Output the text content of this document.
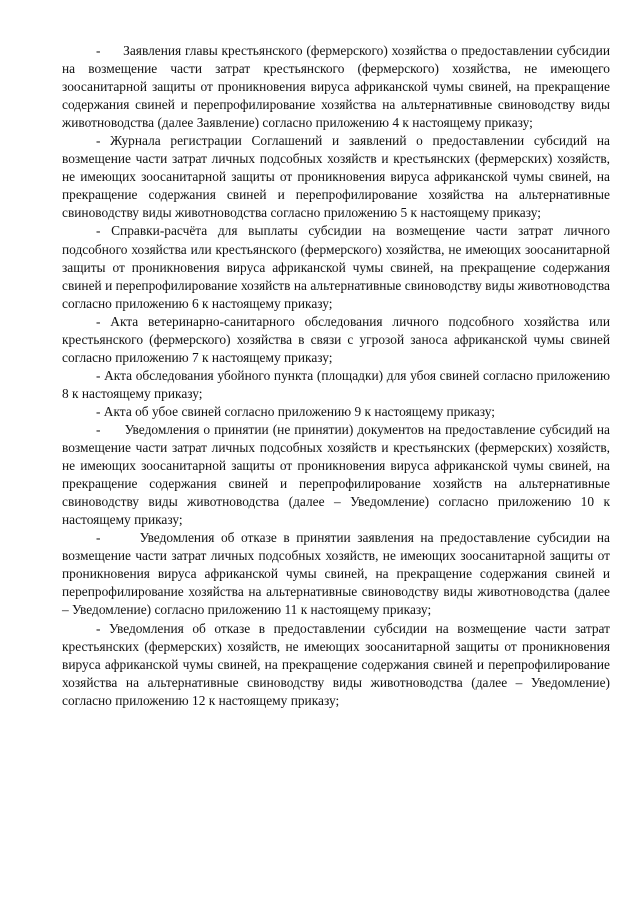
-      Заявления главы крестьянского (фермерского) хозяйства о предоставлении субсидии на возмещение части затрат крестьянского (фермерского) хозяйства, не имеющего зоосанитарной защиты от проникновения вируса африканской чумы свиней, на прекращение содержания свиней и перепрофилирование хозяйства на альтернативные свиноводству виды животноводства (далее Заявление) согласно приложению 4 к настоящему приказу;

- Журнала регистрации Соглашений и заявлений о предоставлении субсидий на возмещение части затрат личных подсобных хозяйств и крестьянских (фермерских) хозяйств, не имеющих зоосанитарной защиты от проникновения вируса африканской чумы свиней, на прекращение содержания свиней и перепрофилирование хозяйства на альтернативные свиноводству виды животноводства согласно приложению 5 к настоящему приказу;

- Справки-расчёта для выплаты субсидии на возмещение части затрат личного подсобного хозяйства или крестьянского (фермерского) хозяйства, не имеющих зоосанитарной защиты от проникновения вируса африканской чумы свиней, на прекращение содержания свиней и перепрофилирование хозяйств на альтернативные свиноводству виды животноводства согласно приложению 6 к настоящему приказу;

- Акта ветеринарно-санитарного обследования личного подсобного хозяйства или крестьянского (фермерского) хозяйства в связи с угрозой заноса африканской чумы свиней согласно приложению 7 к настоящему приказу;

- Акта обследования убойного пункта (площадки) для убоя свиней согласно приложению 8 к настоящему приказу;

- Акта об убое свиней согласно приложению 9 к настоящему приказу;

-      Уведомления о принятии (не принятии) документов на предоставление субсидий на возмещение части затрат личных подсобных хозяйств и крестьянских (фермерских) хозяйств, не имеющих зоосанитарной защиты от проникновения вируса африканской чумы свиней, на прекращение содержания свиней и перепрофилирование хозяйств на альтернативные свиноводству виды животноводства (далее – Уведомление) согласно приложению 10 к настоящему приказу;

-      Уведомления об отказе в принятии заявления на предоставление субсидии на возмещение части затрат личных подсобных хозяйств, не имеющих зоосанитарной защиты от проникновения вируса африканской чумы свиней, на прекращение содержания свиней и перепрофилирование хозяйства на альтернативные свиноводству виды животноводства (далее – Уведомление) согласно приложению 11 к настоящему приказу;

- Уведомления об отказе в предоставлении субсидии на возмещение части затрат крестьянских (фермерских) хозяйств, не имеющих зоосанитарной защиты от проникновения вируса африканской чумы свиней, на прекращение содержания свиней и перепрофилирование хозяйства на альтернативные свиноводству виды животноводства (далее – Уведомление) согласно приложению 12 к настоящему приказу;
